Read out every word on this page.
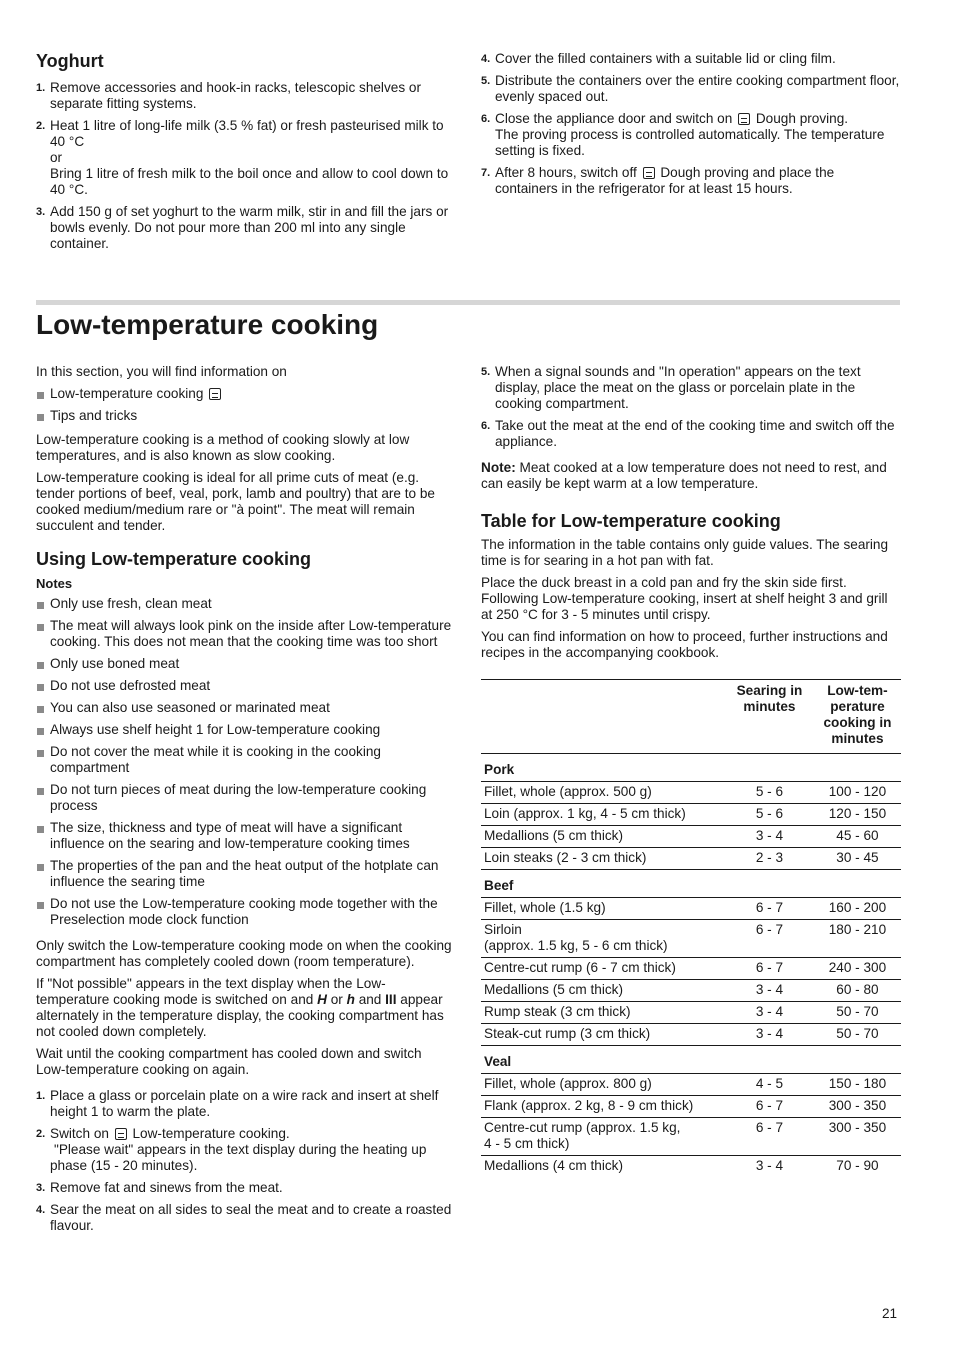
Yoghurt
1. Remove accessories and hook-in racks, telescopic shelves or separate fitting systems.
2. Heat 1 litre of long-life milk (3.5 % fat) or fresh pasteurised milk to 40 °C
or
Bring 1 litre of fresh milk to the boil once and allow to cool down to 40 °C.
3. Add 150 g of set yoghurt to the warm milk, stir in and fill the jars or bowls evenly. Do not pour more than 200 ml into any single container.
4. Cover the filled containers with a suitable lid or cling film.
5. Distribute the containers over the entire cooking compartment floor, evenly spaced out.
6. Close the appliance door and switch on Dough proving.
The proving process is controlled automatically. The temperature setting is fixed.
7. After 8 hours, switch off Dough proving and place the containers in the refrigerator for at least 15 hours.
Low-temperature cooking

In this section, you will find information on

Low-temperature cooking
Tips and tricks

Low-temperature cooking is a method of cooking slowly at low temperatures, and is also known as slow cooking.

Low-temperature cooking is ideal for all prime cuts of meat (e.g. tender portions of beef, veal, pork, lamb and poultry) that are to be cooked medium/medium rare or "à point". The meat will remain succulent and tender.

Using Low-temperature cooking
Notes
Only use fresh, clean meat
The meat will always look pink on the inside after Low-temperature cooking. This does not mean that the cooking time was too short
Only use boned meat
Do not use defrosted meat
You can also use seasoned or marinated meat
Always use shelf height 1 for Low-temperature cooking
Do not cover the meat while it is cooking in the cooking compartment
Do not turn pieces of meat during the low-temperature cooking process
The size, thickness and type of meat will have a significant influence on the searing and low-temperature cooking times
The properties of the pan and the heat output of the hotplate can influence the searing time
Do not use the Low-temperature cooking mode together with the Preselection mode clock function

Only switch the Low-temperature cooking mode on when the cooking compartment has completely cooled down (room temperature).

If "Not possible" appears in the text display when the Low-temperature cooking mode is switched on and H or h and III appear alternately in the temperature display, the cooking compartment has not cooled down completely.

Wait until the cooking compartment has cooled down and switch Low-temperature cooking on again.

1. Place a glass or porcelain plate on a wire rack and insert at shelf height 1 to warm the plate.
2. Switch on Low-temperature cooking.
"Please wait" appears in the text display during the heating up phase (15 - 20 minutes).
3. Remove fat and sinews from the meat.
4. Sear the meat on all sides to seal the meat and to create a roasted flavour.
5. When a signal sounds and "In operation" appears on the text display, place the meat on the glass or porcelain plate in the cooking compartment.
6. Take out the meat at the end of the cooking time and switch off the appliance.

Note: Meat cooked at a low temperature does not need to rest, and can easily be kept warm at a low temperature.

Table for Low-temperature cooking

The information in the table contains only guide values. The searing time is for searing in a hot pan with fat.

Place the duck breast in a cold pan and fry the skin side first. Following Low-temperature cooking, insert at shelf height 3 and grill at 250 °C for 3 - 5 minutes until crispy.

You can find information on how to proceed, further instructions and recipes in the accompanying cookbook.

	Searing in minutes	Low-tem-perature cooking in minutes
Pork		
Fillet, whole (approx. 500 g)	5 - 6	100 - 120
Loin (approx. 1 kg, 4 - 5 cm thick)	5 - 6	120 - 150
Medallions (5 cm thick)	3 - 4	45 - 60
Loin steaks (2 - 3 cm thick)	2 - 3	30 - 45
Beef		
Fillet, whole (1.5 kg)	6 - 7	160 - 200
Sirloin
(approx. 1.5 kg, 5 - 6 cm thick)	6 - 7	180 - 210
Centre-cut rump (6 - 7 cm thick)	6 - 7	240 - 300
Medallions (5 cm thick)	3 - 4	60 - 80
Rump steak (3 cm thick)	3 - 4	50 - 70
Steak-cut rump (3 cm thick)	3 - 4	50 - 70
Veal		
Fillet, whole (approx. 800 g)	4 - 5	150 - 180
Flank (approx. 2 kg, 8 - 9 cm thick)	6 - 7	300 - 350
Centre-cut rump (approx. 1.5 kg,
4 - 5 cm thick)	6 - 7	300 - 350
Medallions (4 cm thick)	3 - 4	70 - 90
21
